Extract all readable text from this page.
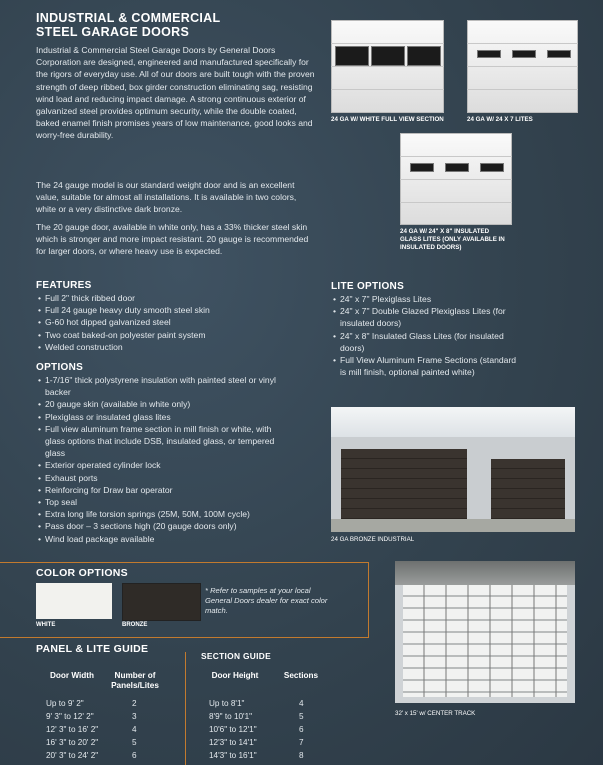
INDUSTRIAL & COMMERCIAL
STEEL GARAGE DOORS
Industrial & Commercial Steel Garage Doors by General Doors Corporation are designed, engineered and manufactured specifically for the rigors of everyday use. All of our doors are built tough with the proven strength of deep ribbed, box girder construction eliminating sag, resisting wind load and reducing impact damage. A strong continuous exterior of galvanized steel provides optimum security, while the double coated, baked enamel finish promises years of low maintenance, good looks and worry-free durability.
The 24 gauge model is our standard weight door and is an excellent value, suitable for almost all installations. It is available in two colors, white or a very distinctive dark bronze.
The 20 gauge door, available in white only, has a 33% thicker steel skin which is stronger and more impact resistant. 20 gauge is recommended for larger doors, or where heavy use is expected.
FEATURES
• Full 2" thick ribbed door
• Full 24 gauge heavy duty smooth steel skin
• G-60 hot dipped galvanized steel
• Two coat baked-on polyester paint system
• Welded construction
OPTIONS
• 1-7/16" thick polystyrene insulation with painted steel or vinyl backer
• 20 gauge skin (available in white only)
• Plexiglass or insulated glass lites
• Full view aluminum frame section in mill finish or white, with glass options that include DSB, insulated glass, or tempered glass
• Exterior operated cylinder lock
• Exhaust ports
• Reinforcing for Draw bar operator
• Top seal
• Extra long life torsion springs (25M, 50M, 100M cycle)
• Pass door – 3 sections high (20 gauge doors only)
• Wind load package available
24 GA W/ WHITE FULL VIEW SECTION	24 GA W/ 24 X 7 LITES
24 GA W/ 24" X 8" INSULATED GLASS LITES (ONLY AVAILABLE IN INSULATED DOORS)
LITE OPTIONS
• 24" x 7" Plexiglass Lites
• 24" x 7" Double Glazed Plexiglass Lites (for insulated doors)
• 24" x 8" Insulated Glass Lites (for insulated doors)
• Full View Aluminum Frame Sections (standard is mill finish, optional painted white)
24 GA BRONZE INDUSTRIAL
32' x 15' w/ CENTER TRACK
COLOR OPTIONS
WHITE	BRONZE
* Refer to samples at your local General Doors dealer for exact color match.
PANEL & LITE GUIDE
SECTION GUIDE
Door Width	Number of Panels/Lites
Door Height	Sections
Up to 9' 2"	2
9' 3" to 12' 2"	3
12' 3" to 16' 2"	4
16' 3" to 20' 2"	5
20' 3" to 24' 2"	6
Up to 8'1"	4
8'9" to 10'1"	5
10'6" to 12'1"	6
12'3" to 14'1"	7
14'3" to 16'1"	8
